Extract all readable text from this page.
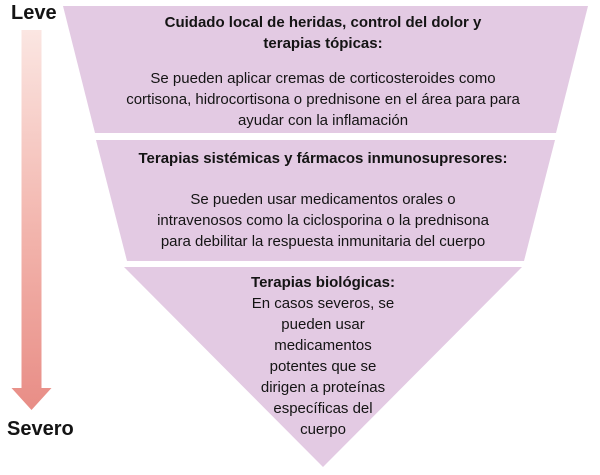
Leve
Severo
Cuidado local de heridas, control del dolor y
terapias tópicas:
Se pueden aplicar cremas de corticosteroides como
cortisona, hidrocortisona o prednisone en el área para para
ayudar con la inflamación
Terapias sistémicas y fármacos inmunosupresores:
Se pueden usar medicamentos orales o
intravenosos como la ciclosporina o la prednisona
para debilitar la respuesta inmunitaria del cuerpo
Terapias biológicas:
En casos severos, se
pueden usar
medicamentos
potentes que se
dirigen a proteínas
específicas del
cuerpo
